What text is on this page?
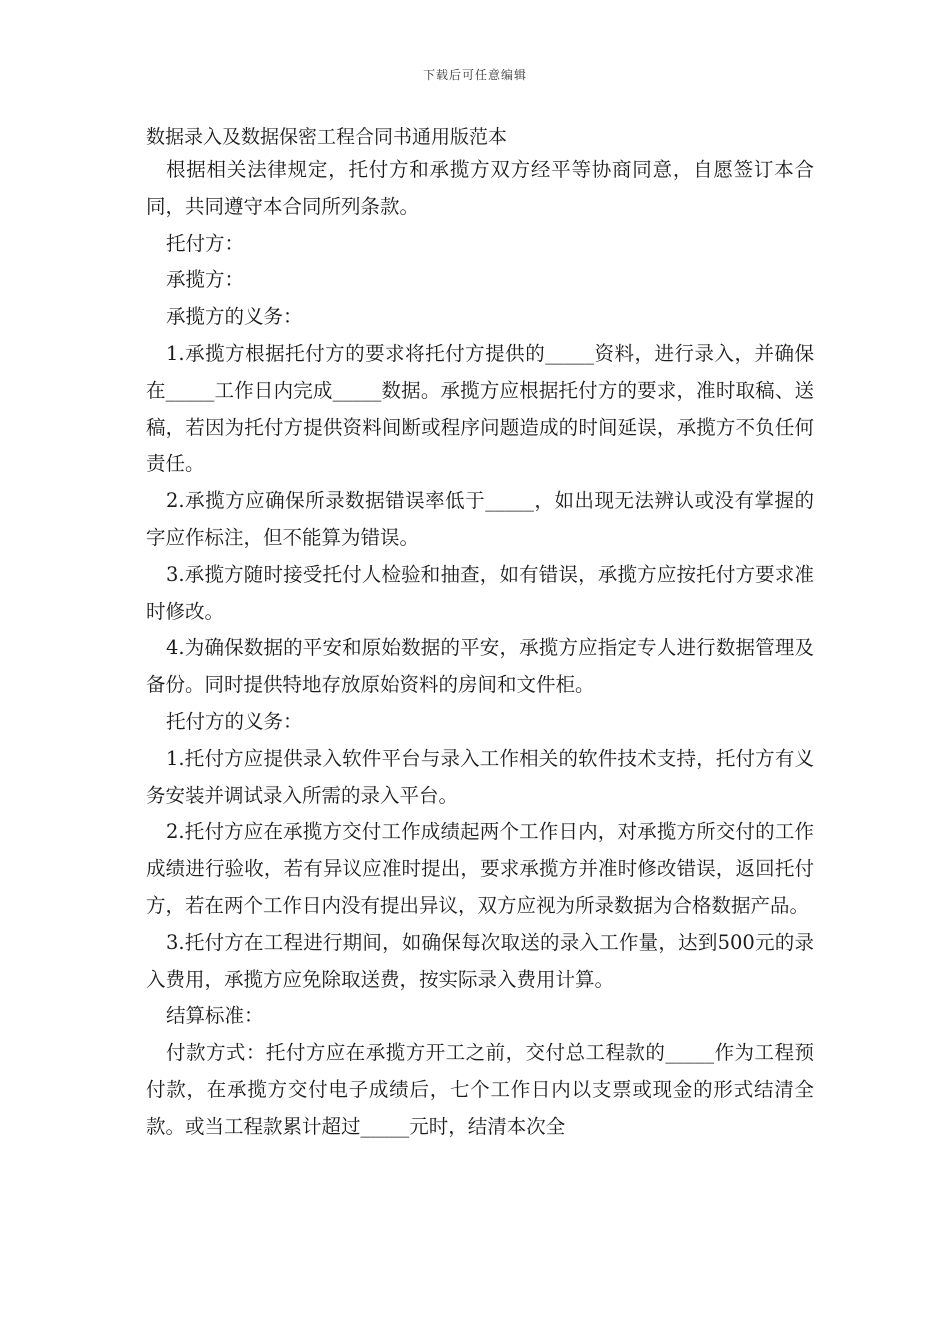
下载后可任意编辑
数据录入及数据保密工程合同书通用版范本

根据相关法律规定，托付方和承揽方双方经平等协商同意，自愿签订本合同，共同遵守本合同所列条款。

托付方：

承揽方：

承揽方的义务：

1.承揽方根据托付方的要求将托付方提供的_____资料，进行录入，并确保在_____工作日内完成_____数据。承揽方应根据托付方的要求，准时取稿、送稿，若因为托付方提供资料间断或程序问题造成的时间延误，承揽方不负任何责任。

2.承揽方应确保所录数据错误率低于_____，如出现无法辨认或没有掌握的字应作标注，但不能算为错误。

3.承揽方随时接受托付人检验和抽查，如有错误，承揽方应按托付方要求准时修改。

4.为确保数据的平安和原始数据的平安，承揽方应指定专人进行数据管理及备份。同时提供特地存放原始资料的房间和文件柜。

托付方的义务：

1.托付方应提供录入软件平台与录入工作相关的软件技术支持，托付方有义务安装并调试录入所需的录入平台。

2.托付方应在承揽方交付工作成绩起两个工作日内，对承揽方所交付的工作成绩进行验收，若有异议应准时提出，要求承揽方并准时修改错误，返回托付方，若在两个工作日内没有提出异议，双方应视为所录数据为合格数据产品。

3.托付方在工程进行期间，如确保每次取送的录入工作量，达到500元的录入费用，承揽方应免除取送费，按实际录入费用计算。

结算标准：

付款方式：托付方应在承揽方开工之前，交付总工程款的_____作为工程预付款，在承揽方交付电子成绩后，七个工作日内以支票或现金的形式结清全款。或当工程款累计超过_____元时，结清本次全
